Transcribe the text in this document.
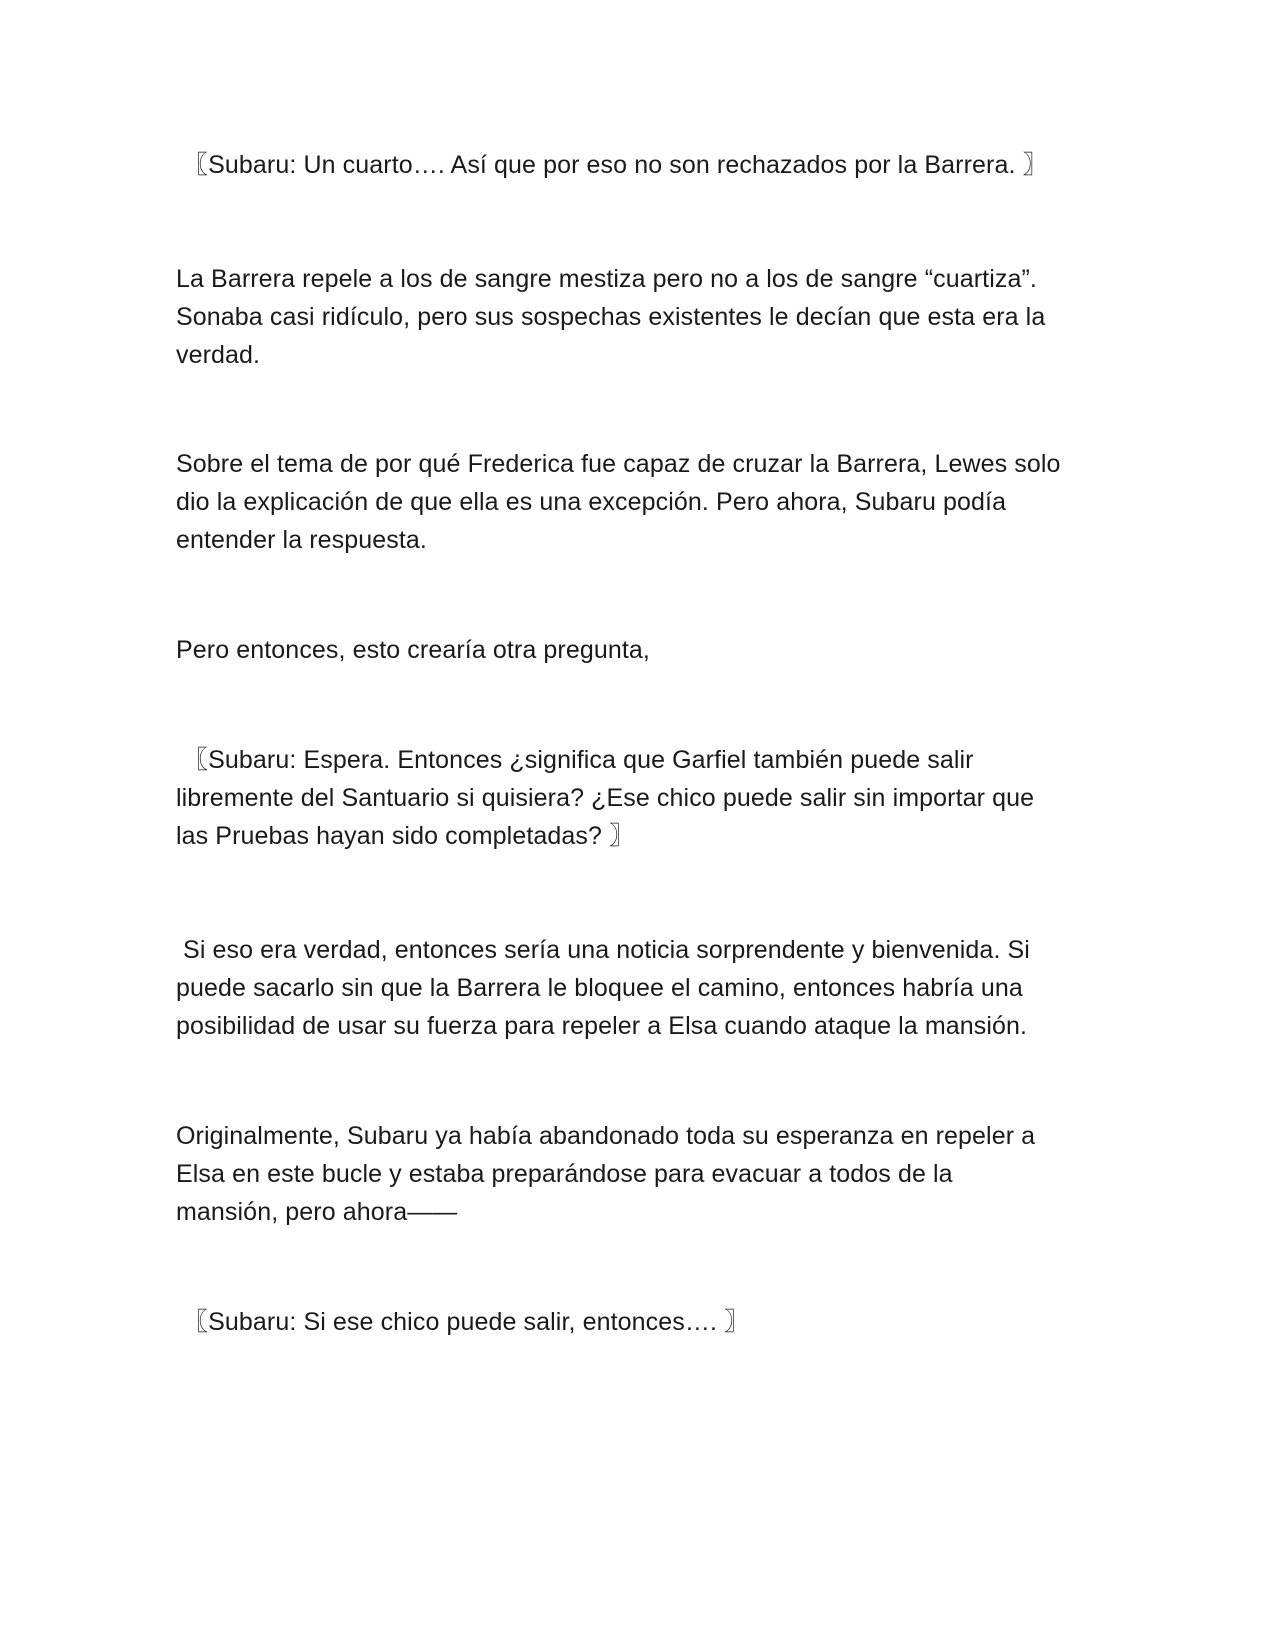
〖Subaru: Un cuarto…. Así que por eso no son rechazados por la Barrera. 〗

La Barrera repele a los de sangre mestiza pero no a los de sangre “cuartiza”.
Sonaba casi ridículo, pero sus sospechas existentes le decían que esta era la
verdad.

Sobre el tema de por qué Frederica fue capaz de cruzar la Barrera, Lewes solo
dio la explicación de que ella es una excepción. Pero ahora, Subaru podía
entender la respuesta.

Pero entonces, esto crearía otra pregunta,

〖Subaru: Espera. Entonces ¿significa que Garfiel también puede salir
libremente del Santuario si quisiera? ¿Ese chico puede salir sin importar que
las Pruebas hayan sido completadas? 〗

Si eso era verdad, entonces sería una noticia sorprendente y bienvenida. Si
puede sacarlo sin que la Barrera le bloquee el camino, entonces habría una
posibilidad de usar su fuerza para repeler a Elsa cuando ataque la mansión.

Originalmente, Subaru ya había abandonado toda su esperanza en repeler a
Elsa en este bucle y estaba preparándose para evacuar a todos de la
mansión, pero ahora——

〖Subaru: Si ese chico puede salir, entonces…. 〗
